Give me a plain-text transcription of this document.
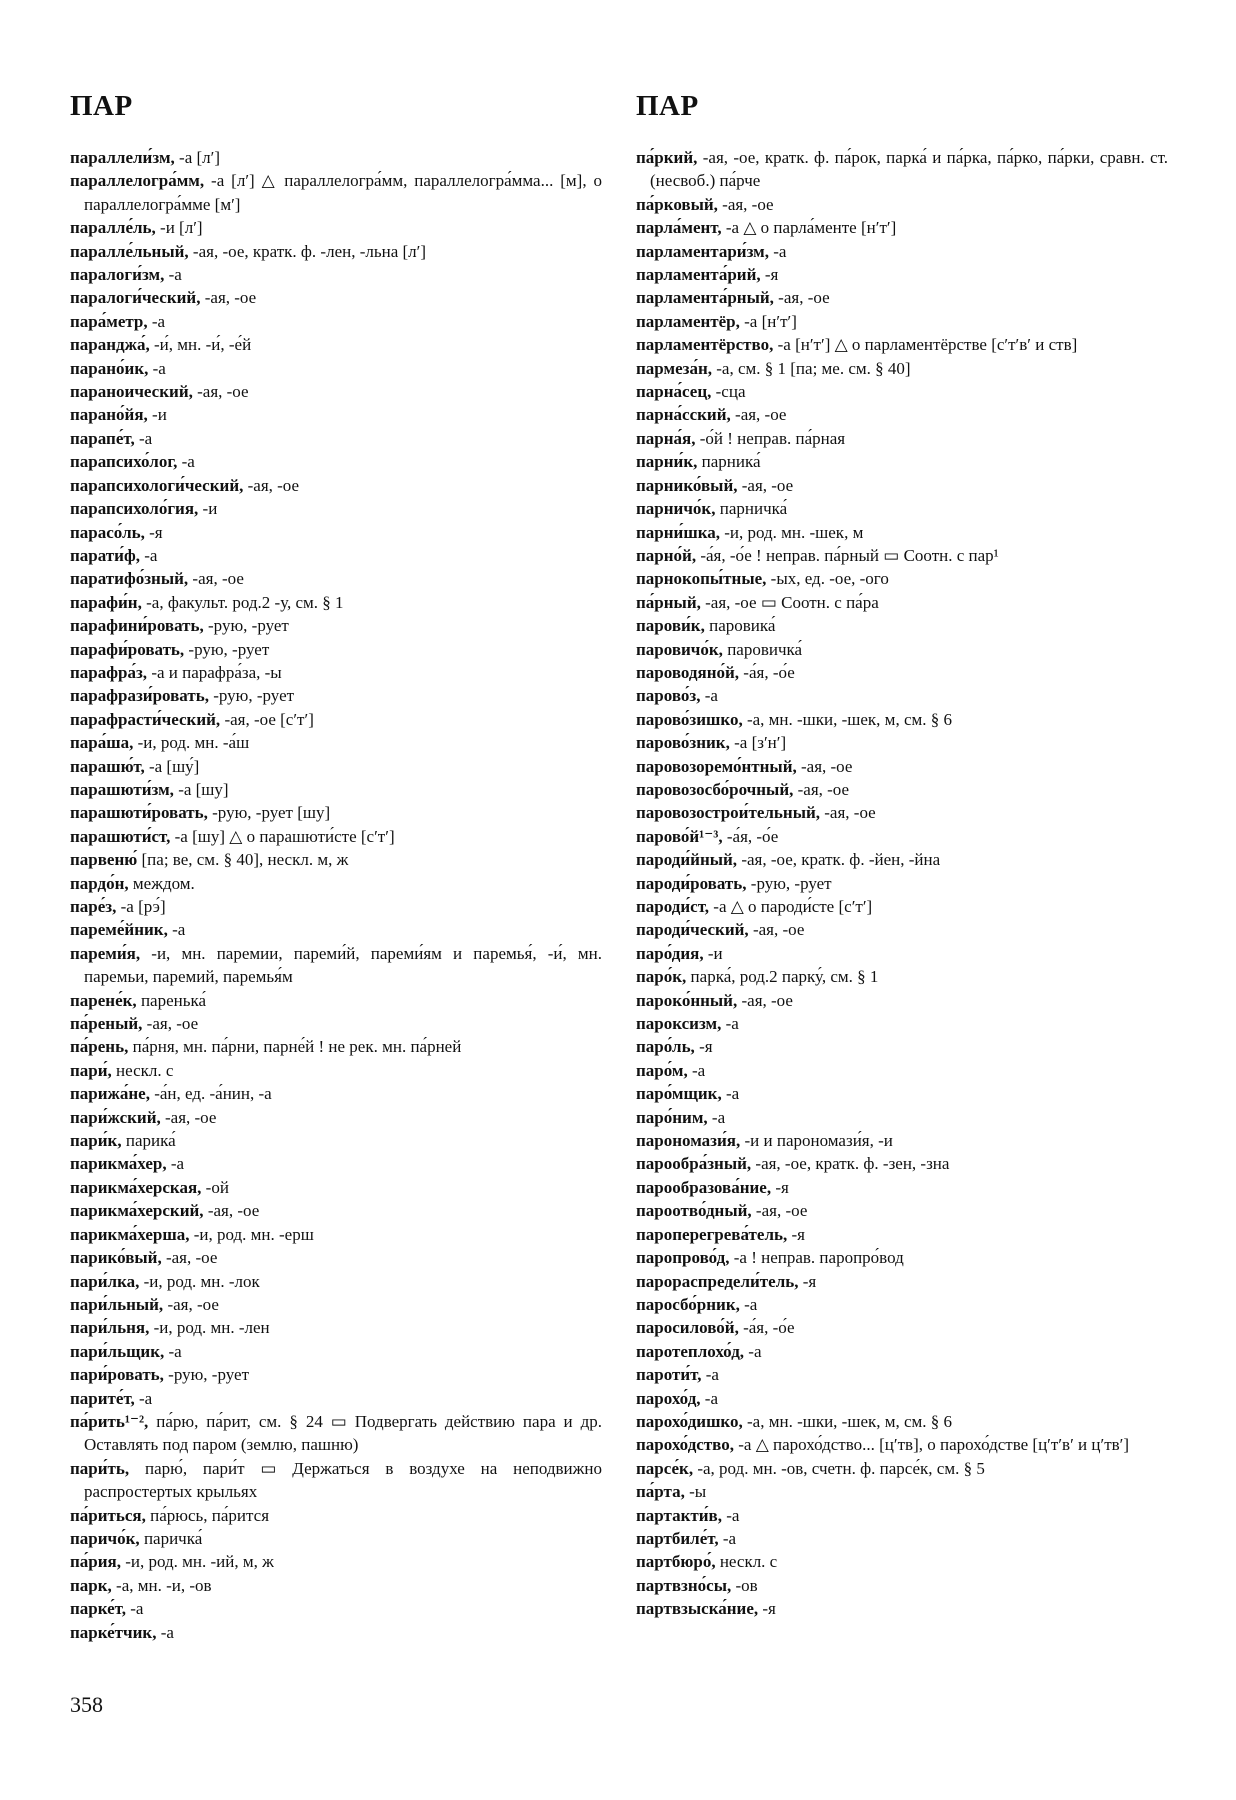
ПАР	ПАР
параллели́зм, -а [лʹ]
параллелогра́мм, -а [лʹ] △ параллелогра́мм, параллелогра́мма... [м], о параллелогра́мме [мʹ]
паралле́ль, -и [лʹ]
паралле́льный, -ая, -ое, кратк. ф. -лен, -льна [лʹ]
паралоги́зм, -а
паралоги́ческий, -ая, -ое
пара́метр, -а
паранджа́, -и́, мн. -и́, -е́й
парано́ик, -а
параноический, -ая, -ое
парано́йя, -и
парапе́т, -а
парапсихо́лог, -а
парапсихологи́ческий, -ая, -ое
парапсихоло́гия, -и
парасо́ль, -я
парати́ф, -а
паратифо́зный, -ая, -ое
парафи́н, -а, факульт. род.2 -у, см. § 1
парафини́ровать, -рую, -рует
парафи́ровать, -рую, -рует
парафра́з, -а и парафра́за, -ы
парафрази́ровать, -рую, -рует
парафрасти́ческий, -ая, -ое [сʹтʹ]
пара́ша, -и, род. мн. -а́ш
парашю́т, -а [шу́]
парашюти́зм, -а [шу]
парашюти́ровать, -рую, -рует [шу]
парашюти́ст, -а [шу] △ о парашюти́сте [сʹтʹ]
парвеню́ [па; ве, см. § 40], нескл. м, ж
пардо́н, междом.
паре́з, -а [рэ́]
пареме́йник, -а
пареми́я, -и, мн. паремии, пареми́й, пареми́ям и паремья́, -и́, мн. паремьи, паремий, паремья́м
парене́к, паренька́
па́реный, -ая, -ое
па́рень, па́рня, мн. па́рни, парне́й ! не рек. мн. па́рней
пари́, нескл. с
парижа́не, -а́н, ед. -а́нин, -а
пари́жский, -ая, -ое
пари́к, парика́
парикма́хер, -а
парикма́херская, -ой
парикма́херский, -ая, -ое
парикма́херша, -и, род. мн. -ерш
парико́вый, -ая, -ое
пари́лка, -и, род. мн. -лок
пари́льный, -ая, -ое
пари́льня, -и, род. мн. -лен
пари́льщик, -а
пари́ровать, -рую, -рует
парите́т, -а
па́рить¹⁻², па́рю, па́рит, см. § 24 ▭ Подвергать действию пара и др. Оставлять под паром (землю, пашню)
пари́ть, парю́, пари́т ▭ Держаться в воздухе на неподвижно распростертых крыльях
па́риться, па́рюсь, па́рится
паричо́к, паричка́
па́рия, -и, род. мн. -ий, м, ж
парк, -а, мн. -и, -ов
парке́т, -а
парке́тчик, -а
па́ркий, -ая, -ое, кратк. ф. па́рок, парка́ и па́рка, па́рко, па́рки, сравн. ст. (несвоб.) па́рче
па́рковый, -ая, -ое
парла́мент, -а △ о парла́менте [нʹтʹ]
парламентари́зм, -а
парламента́рий, -я
парламента́рный, -ая, -ое
парламентёр, -а [нʹтʹ]
парламентёрство, -а [нʹтʹ] △ о парламентёрстве [сʹтʹвʹ и ств]
пармеза́н, -а, см. § 1 [па; ме. см. § 40]
парна́сец, -сца
парна́сский, -ая, -ое
парна́я, -о́й ! неправ. па́рная
парни́к, парника́
парнико́вый, -ая, -ое
парничо́к, парничка́
парни́шка, -и, род. мн. -шек, м
парно́й, -а́я, -о́е ! неправ. па́рный ▭ Соотн. с пар¹
парнокопы́тные, -ых, ед. -ое, -ого
па́рный, -ая, -ое ▭ Соотн. с па́ра
парови́к, паровика́
паровичо́к, паровичка́
пароводяно́й, -а́я, -о́е
парово́з, -а
парово́зишко, -а, мн. -шки, -шек, м, см. § 6
парово́зник, -а [зʹнʹ]
паровозоремо́нтный, -ая, -ое
паровозосбо́рочный, -ая, -ое
паровозострои́тельный, -ая, -ое
парово́й¹⁻³, -а́я, -о́е
пароди́йный, -ая, -ое, кратк. ф. -йен, -йна
пароди́ровать, -рую, -рует
пароди́ст, -а △ о пароди́сте [сʹтʹ]
пароди́ческий, -ая, -ое
паро́дия, -и
паро́к, парка́, род.2 парку́, см. § 1
пароко́нный, -ая, -ое
пароксизм, -а
паро́ль, -я
паро́м, -а
паро́мщик, -а
паро́ним, -а
парономази́я, -и и парономази́я, -и
парообра́зный, -ая, -ое, кратк. ф. -зен, -зна
парообразова́ние, -я
пароотво́дный, -ая, -ое
пароперегрева́тель, -я
паропрово́д, -а ! неправ. паропро́вод
парораспредели́тель, -я
паросбо́рник, -а
паросилово́й, -а́я, -о́е
паротеплохо́д, -а
пароти́т, -а
парохо́д, -а
парохо́дишко, -а, мн. -шки, -шек, м, см. § 6
парохо́дство, -а △ парохо́дство... [цʹтв], о парохо́дстве [цʹтʹвʹ и цʹтвʹ]
парсе́к, -а, род. мн. -ов, счетн. ф. парсе́к, см. § 5
па́рта, -ы
партакти́в, -а
партбиле́т, -а
партбюро́, нескл. с
партвзно́сы, -ов
партвзыска́ние, -я
358
